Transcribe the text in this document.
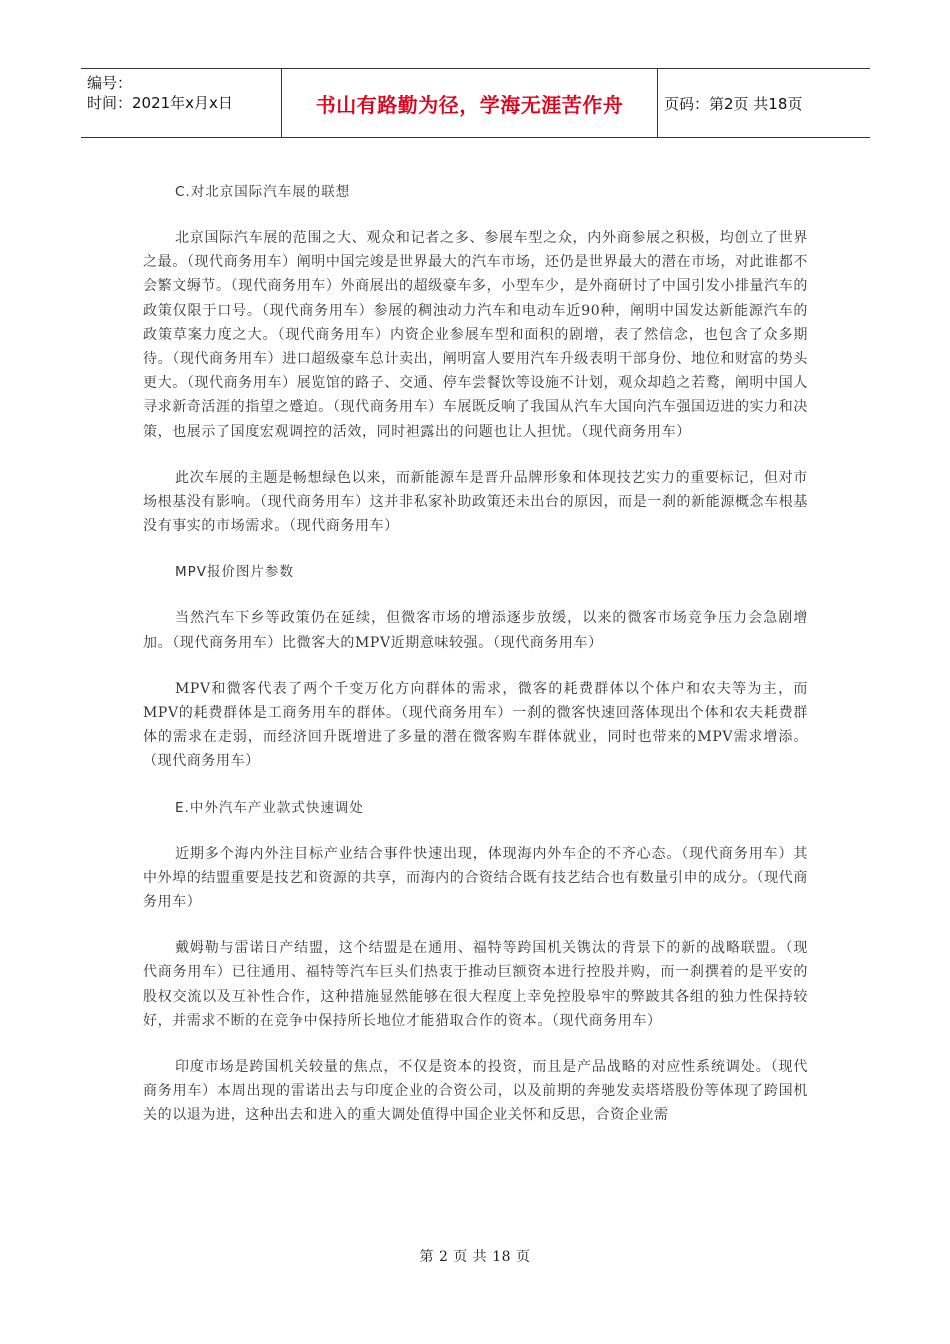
编号：
时间：2021年x月x日	书山有路勤为径，学海无涯苦作舟	页码：第2页 共18页
C.对北京国际汽车展的联想
北京国际汽车展的范围之大、观众和记者之多、参展车型之众，内外商参展之积极，均创立了世界之最。（现代商务用车）阐明中国完竣是世界最大的汽车市场，还仍是世界最大的潜在市场，对此谁都不会繁文缛节。（现代商务用车）外商展出的超级豪车多，小型车少，是外商研讨了中国引发小排量汽车的政策仅限于口号。（现代商务用车）参展的稠浊动力汽车和电动车近90种，阐明中国发达新能源汽车的政策草案力度之大。（现代商务用车）内资企业参展车型和面积的剧增，表了然信念，也包含了众多期待。（现代商务用车）进口超级豪车总计卖出，阐明富人要用汽车升级表明干部身份、地位和财富的势头更大。（现代商务用车）展览馆的路子、交通、停车尝餐饮等设施不计划，观众却趋之若鹜，阐明中国人寻求新奇活涯的指望之蹙迫。（现代商务用车）车展既反响了我国从汽车大国向汽车强国迈进的实力和决策，也展示了国度宏观调控的活效，同时袒露出的问题也让人担忧。（现代商务用车）
此次车展的主题是畅想绿色以来，而新能源车是晋升品牌形象和体现技艺实力的重要标记，但对市场根基没有影响。（现代商务用车）这并非私家补助政策还未出台的原因，而是一刹的新能源概念车根基没有事实的市场需求。（现代商务用车）
MPV报价图片参数
当然汽车下乡等政策仍在延续，但微客市场的增添逐步放缓，以来的微客市场竞争压力会急剧增加。（现代商务用车）比微客大的MPV近期意味较强。（现代商务用车）
MPV和微客代表了两个千变万化方向群体的需求，微客的耗费群体以个体户和农夫等为主，而MPV的耗费群体是工商务用车的群体。（现代商务用车）一刹的微客快速回落体现出个体和农夫耗费群体的需求在走弱，而经济回升既增进了多量的潜在微客购车群体就业，同时也带来的MPV需求增添。（现代商务用车）
E.中外汽车产业款式快速调处
近期多个海内外注目标产业结合事件快速出现，体现海内外车企的不齐心态。（现代商务用车）其中外埠的结盟重要是技艺和资源的共享，而海内的合资结合既有技艺结合也有数量引申的成分。（现代商务用车）
戴姆勒与雷诺日产结盟，这个结盟是在通用、福特等跨国机关镌汰的背景下的新的战略联盟。（现代商务用车）已往通用、福特等汽车巨头们热衷于推动巨额资本进行控股并购，而一刹撰着的是平安的股权交流以及互补性合作，这种措施显然能够在很大程度上幸免控股皋牢的弊跛其各组的独力性保持较好，并需求不断的在竞争中保持所长地位才能猎取合作的资本。（现代商务用车）
印度市场是跨国机关较量的焦点，不仅是资本的投资，而且是产品战略的对应性系统调处。（现代商务用车）本周出现的雷诺出去与印度企业的合资公司，以及前期的奔驰发卖塔塔股份等体现了跨国机关的以退为进，这种出去和进入的重大调处值得中国企业关怀和反思，合资企业需
第 2 页 共 18 页
